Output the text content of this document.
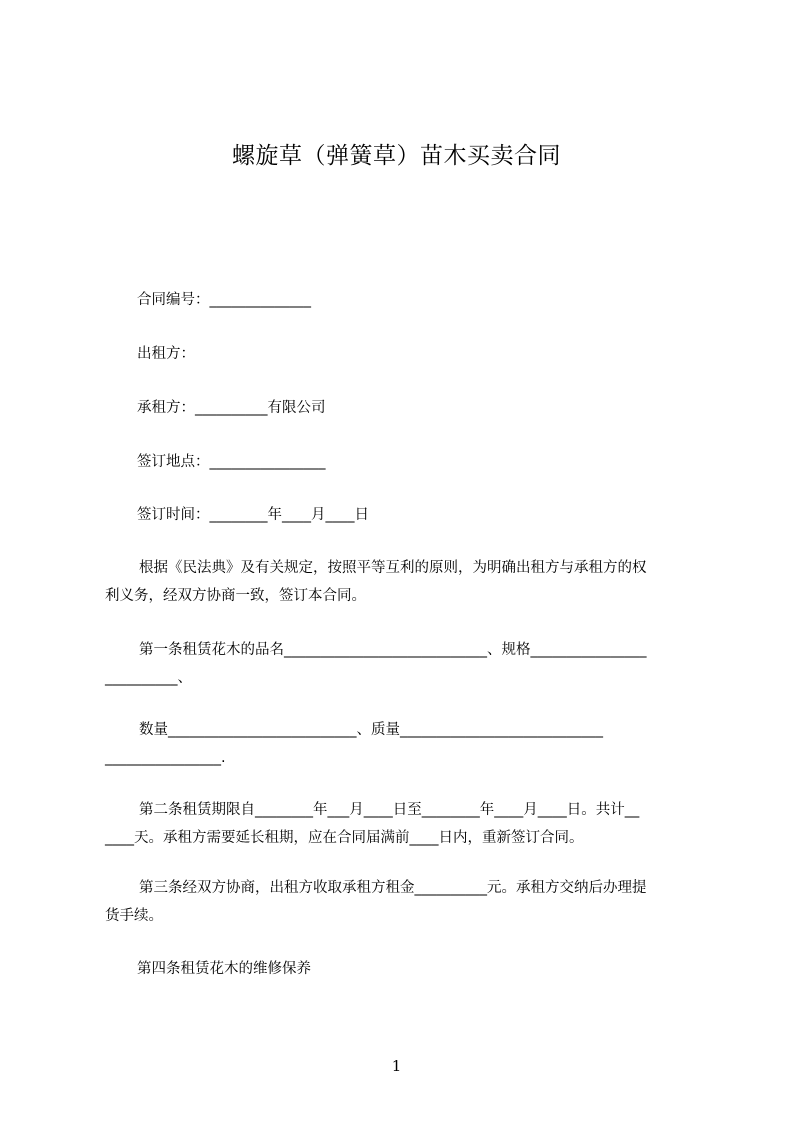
螺旋草（弹簧草）苗木买卖合同
合同编号：______________
出租方：
承租方：__________有限公司
签订地点：________________
签订时间：________年____月____日
根据《民法典》及有关规定，按照平等互利的原则，为明确出租方与承租方的权
利义务，经双方协商一致，签订本合同。
第一条租赁花木的品名____________________________、规格________________
__________、
数量__________________________、质量____________________________
________________.
第二条租赁期限自________年___月____日至________年____月____日。共计__
____天。承租方需要延长租期，应在合同届满前____日内，重新签订合同。
第三条经双方协商，出租方收取承租方租金__________元。承租方交纳后办理提
货手续。
第四条租赁花木的维修保养
1
